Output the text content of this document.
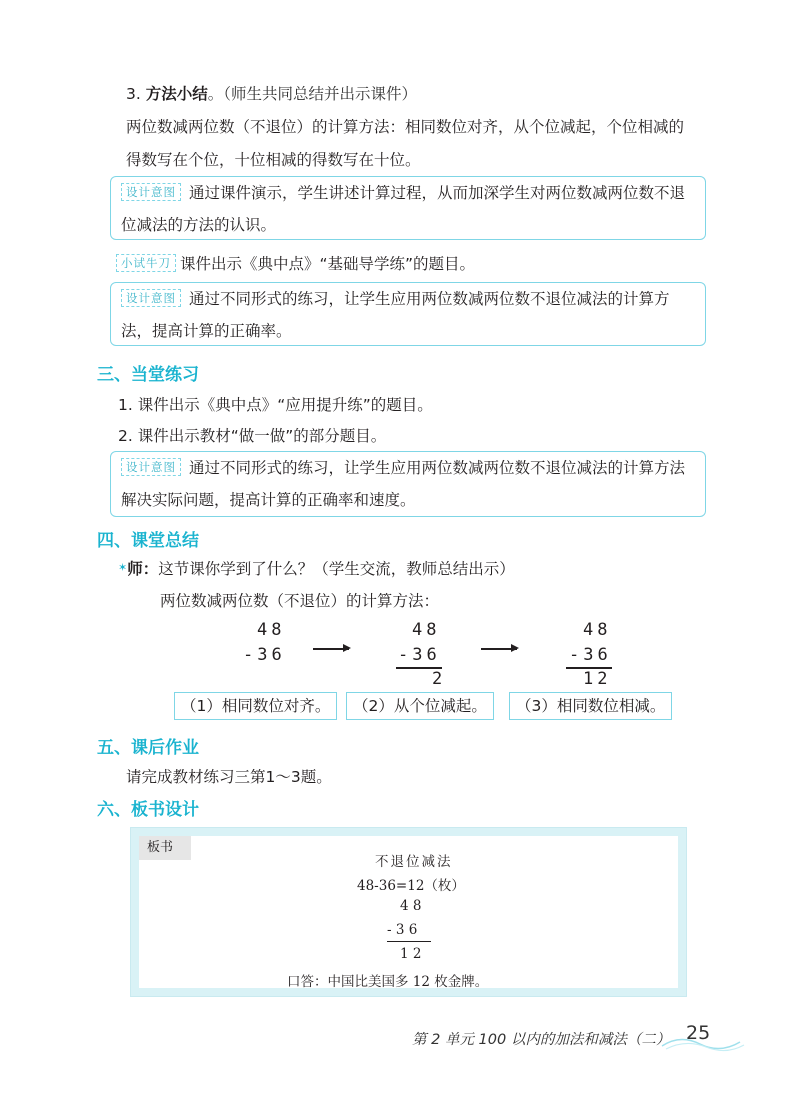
3. 方法小结。（师生共同总结并出示课件）
两位数减两位数（不退位）的计算方法：相同数位对齐，从个位减起，个位相减的
得数写在个位，十位相减的得数写在十位。
设计意图 通过课件演示，学生讲述计算过程，从而加深学生对两位数减两位数不退位减法的方法的认识。
小试牛刀 课件出示《典中点》“基础导学练”的题目。
设计意图 通过不同形式的练习，让学生应用两位数减两位数不退位减法的计算方法，提高计算的正确率。
三、当堂练习
1. 课件出示《典中点》“应用提升练”的题目。
2. 课件出示教材“做一做”的部分题目。
设计意图 通过不同形式的练习，让学生应用两位数减两位数不退位减法的计算方法解决实际问题，提高计算的正确率和速度。
四、课堂总结
✶师：这节课你学到了什么？（学生交流，教师总结出示）
两位数减两位数（不退位）的计算方法：
48
-36
48
-36
2
48
-36
12
（1）相同数位对齐。	（2）从个位减起。	（3）相同数位相减。
五、课后作业
请完成教材练习三第1～3题。
六、板书设计
板书
不退位减法
48-36=12（枚）
4 8
- 3 6
1 2
口答：中国比美国多 12 枚金牌。
第 2 单元 100 以内的加法和减法（二） 25
